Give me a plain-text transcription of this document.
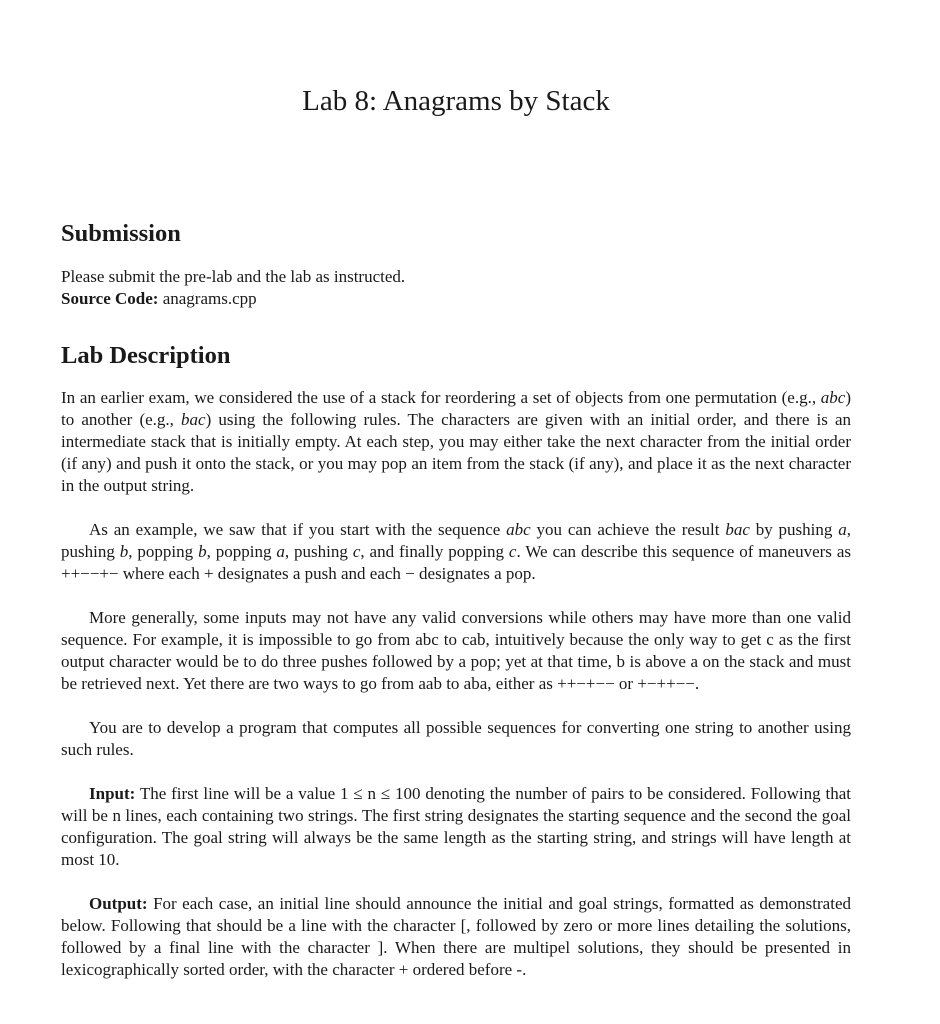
Lab 8: Anagrams by Stack
Submission

Please submit the pre-lab and the lab as instructed.

Source Code: anagrams.cpp

Lab Description

In an earlier exam, we considered the use of a stack for reordering a set of objects from one permutation (e.g., abc) to another (e.g., bac) using the following rules. The characters are given with an initial order, and there is an intermediate stack that is initially empty. At each step, you may either take the next character from the initial order (if any) and push it onto the stack, or you may pop an item from the stack (if any), and place it as the next character in the output string.

As an example, we saw that if you start with the sequence abc you can achieve the result bac by pushing a, pushing b, popping b, popping a, pushing c, and finally popping c. We can describe this sequence of maneuvers as ++−−+− where each + designates a push and each − designates a pop.

More generally, some inputs may not have any valid conversions while others may have more than one valid sequence. For example, it is impossible to go from abc to cab, intuitively because the only way to get c as the first output character would be to do three pushes followed by a pop; yet at that time, b is above a on the stack and must be retrieved next. Yet there are two ways to go from aab to aba, either as ++−+−− or +−++−−.

You are to develop a program that computes all possible sequences for converting one string to another using such rules.

Input: The first line will be a value 1 ≤ n ≤ 100 denoting the number of pairs to be considered. Following that will be n lines, each containing two strings. The first string designates the starting sequence and the second the goal configuration. The goal string will always be the same length as the starting string, and strings will have length at most 10.

Output: For each case, an initial line should announce the initial and goal strings, formatted as demonstrated below. Following that should be a line with the character [, followed by zero or more lines detailing the solutions, followed by a final line with the character ]. When there are multipel solutions, they should be presented in lexicographically sorted order, with the character + ordered before -.
